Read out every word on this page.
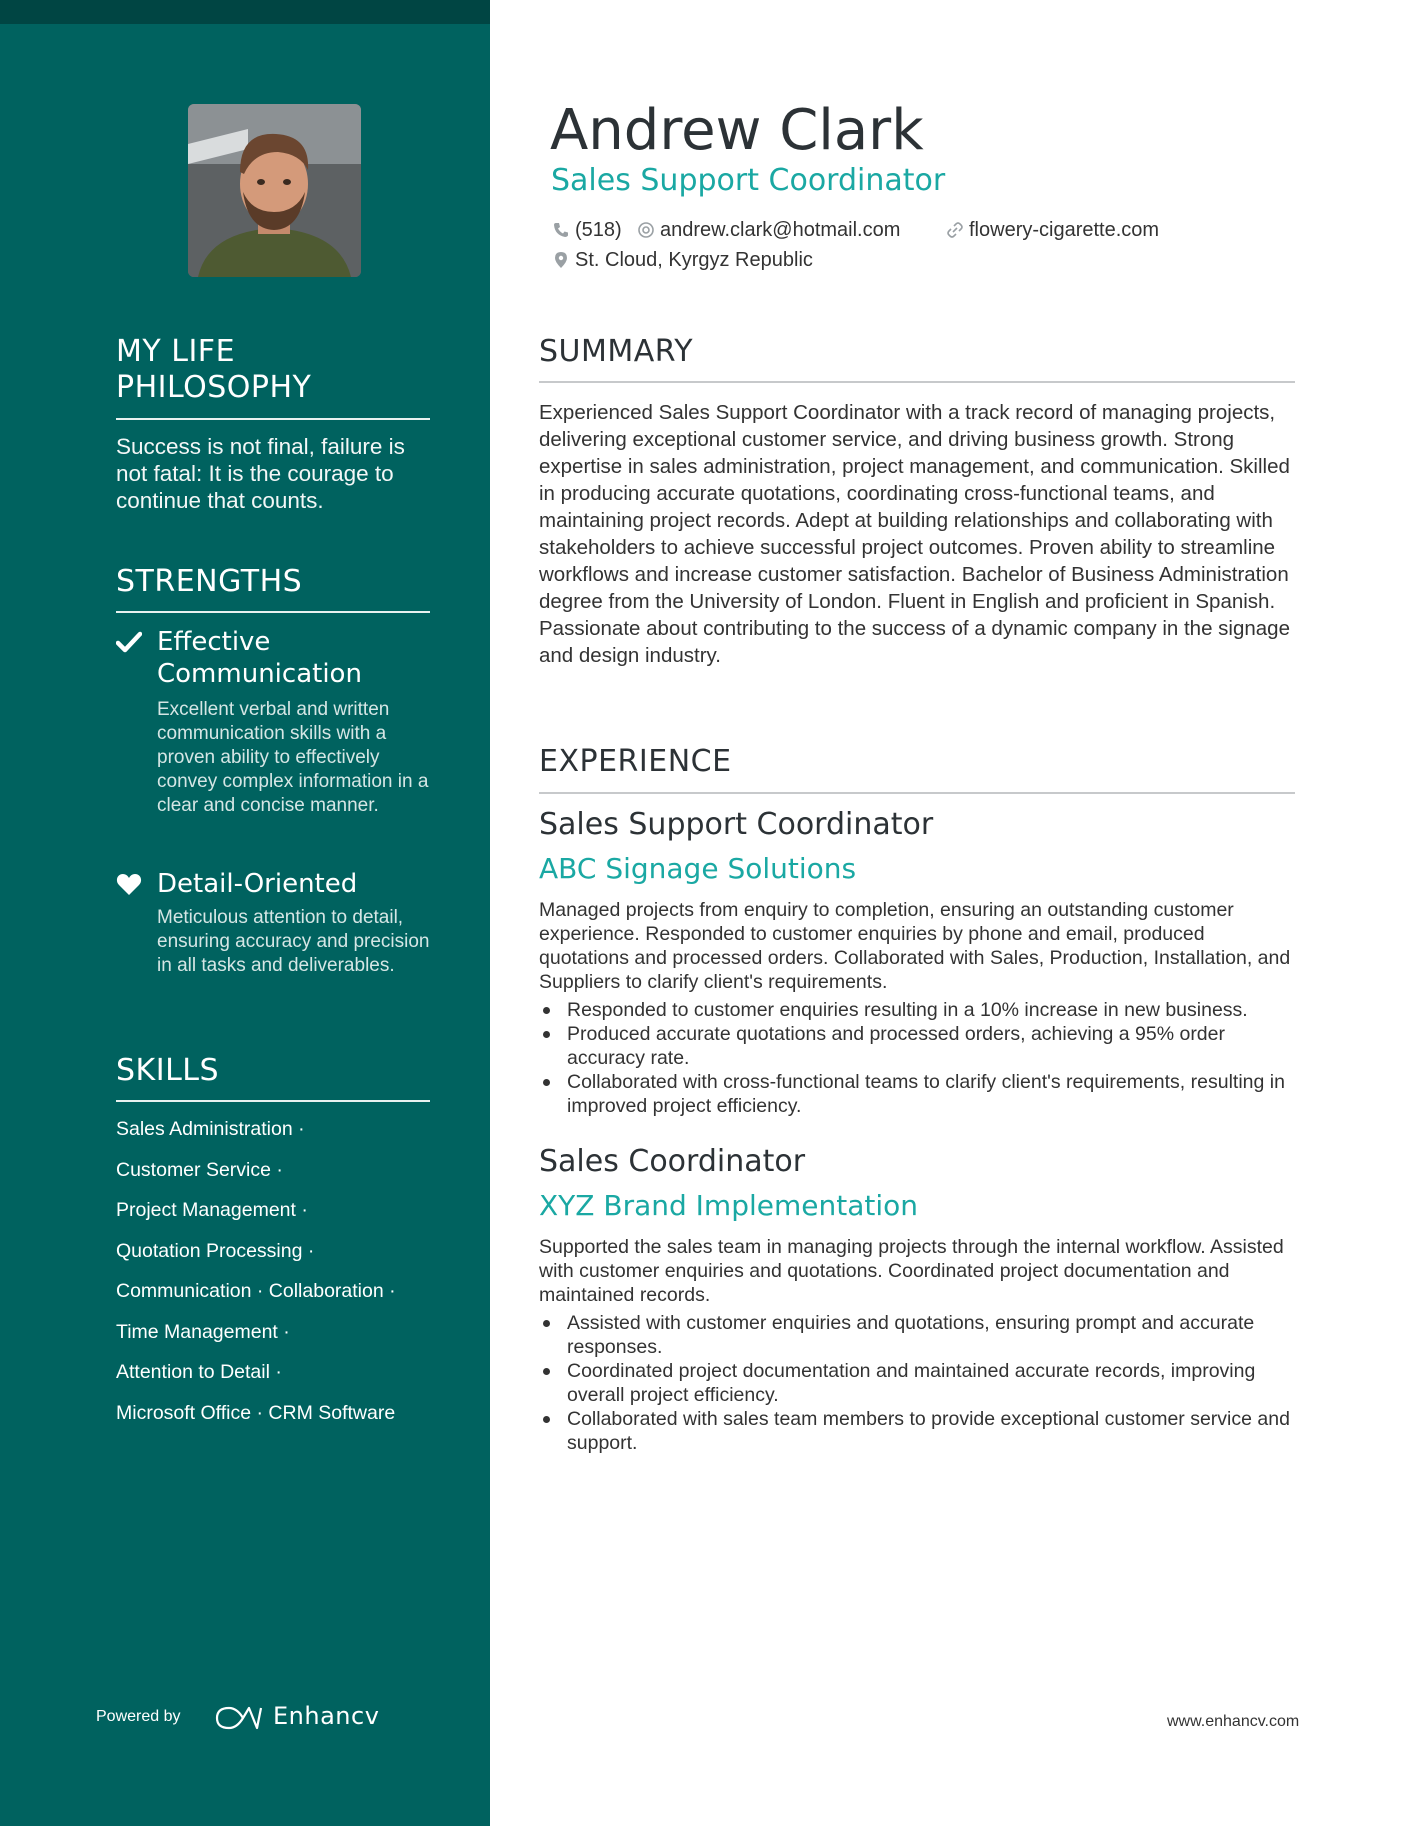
MY LIFE PHILOSOPHY
Success is not final, failure is not fatal: It is the courage to continue that counts.
STRENGTHS
Effective Communication
Excellent verbal and written communication skills with a proven ability to effectively convey complex information in a clear and concise manner.
Detail-Oriented
Meticulous attention to detail, ensuring accuracy and precision in all tasks and deliverables.
SKILLS
Sales Administration ·
Customer Service ·
Project Management ·
Quotation Processing ·
Communication · Collaboration ·
Time Management ·
Attention to Detail ·
Microsoft Office · CRM Software
Powered by	Enhancv
Andrew Clark
Sales Support Coordinator
(518) andrew.clark@hotmail.com	flowery-cigarette.com
St. Cloud, Kyrgyz Republic
SUMMARY
Experienced Sales Support Coordinator with a track record of managing projects, delivering exceptional customer service, and driving business growth. Strong expertise in sales administration, project management, and communication. Skilled in producing accurate quotations, coordinating cross-functional teams, and maintaining project records. Adept at building relationships and collaborating with stakeholders to achieve successful project outcomes. Proven ability to streamline workflows and increase customer satisfaction. Bachelor of Business Administration degree from the University of London. Fluent in English and proficient in Spanish. Passionate about contributing to the success of a dynamic company in the signage and design industry.
EXPERIENCE
Sales Support Coordinator
ABC Signage Solutions
Managed projects from enquiry to completion, ensuring an outstanding customer experience. Responded to customer enquiries by phone and email, produced quotations and processed orders. Collaborated with Sales, Production, Installation, and Suppliers to clarify client's requirements.
Responded to customer enquiries resulting in a 10% increase in new business.
Produced accurate quotations and processed orders, achieving a 95% order accuracy rate.
Collaborated with cross-functional teams to clarify client's requirements, resulting in improved project efficiency.
Sales Coordinator
XYZ Brand Implementation
Supported the sales team in managing projects through the internal workflow. Assisted with customer enquiries and quotations. Coordinated project documentation and maintained records.
Assisted with customer enquiries and quotations, ensuring prompt and accurate responses.
Coordinated project documentation and maintained accurate records, improving overall project efficiency.
Collaborated with sales team members to provide exceptional customer service and support.
www.enhancv.com
